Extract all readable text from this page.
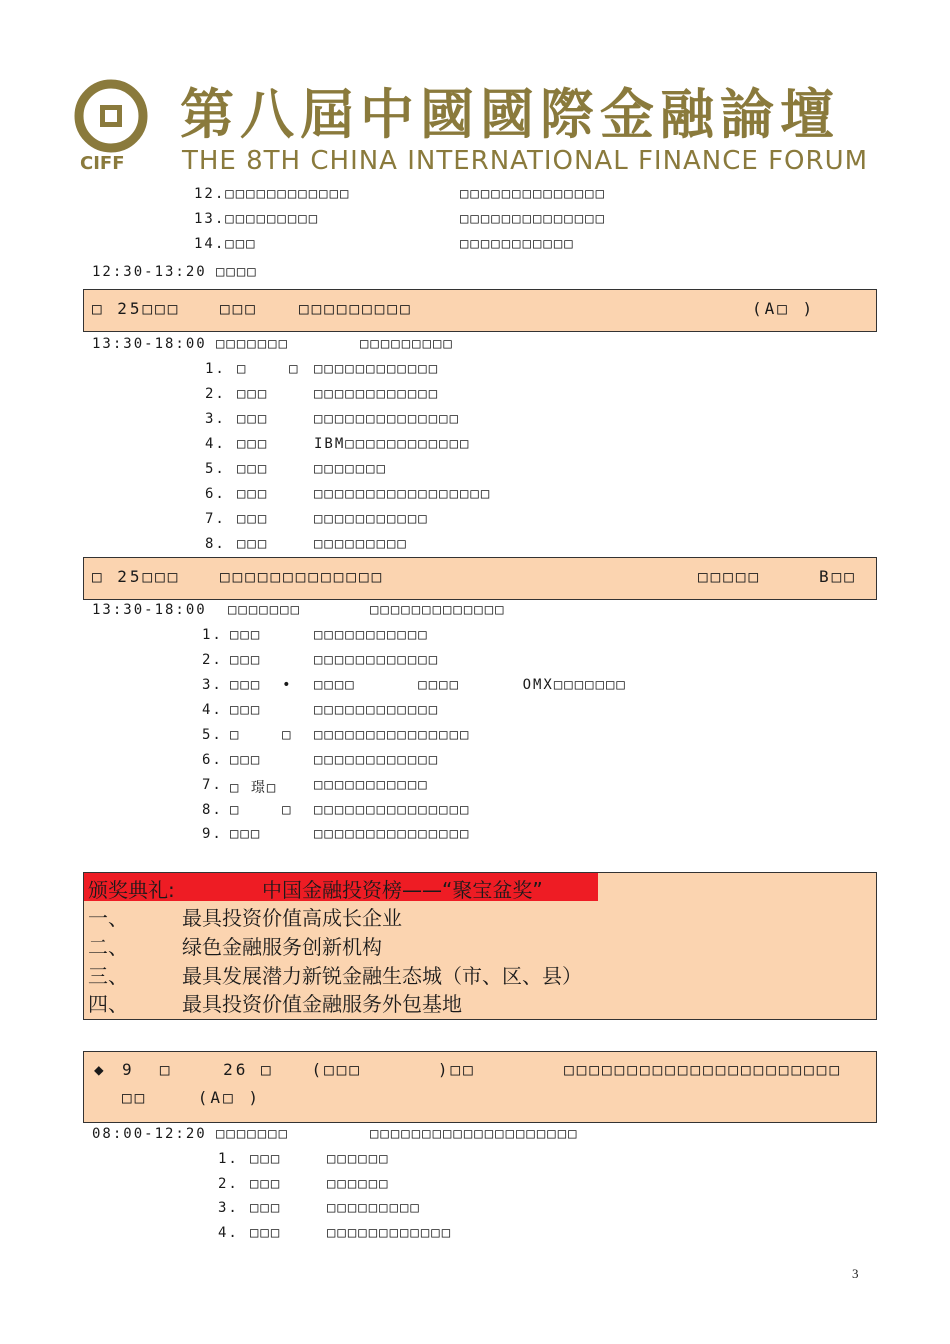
CIFF
第八屆中國國際金融論壇
THE 8TH CHINA INTERNATIONAL FINANCE FORUM
12.□□□□□□□□□□□□	□□□□□□□□□□□□□□
13.□□□□□□□□□	□□□□□□□□□□□□□□
14.□□□	□□□□□□□□□□□
12:30-13:20 □□□□
□ 25□□□ □□□	□□□□□□□□□	(A□ )
13:30-18:00 □□□□□□□	□□□□□□□□□
1. □    □ □□□□□□□□□□□□
2. □□□	□□□□□□□□□□□□
3. □□□	□□□□□□□□□□□□□□
4. □□□	IBM□□□□□□□□□□□□
5. □□□	□□□□□□□
6. □□□	□□□□□□□□□□□□□□□□□
7. □□□	□□□□□□□□□□□
8. □□□	□□□□□□□□□
□ 25□□□ □□□□□□□□□□□□□	□□□□□	B□□
13:30-18:00 □□□□□□□	□□□□□□□□□□□□□
1. □□□	□□□□□□□□□□□
2. □□□	□□□□□□□□□□□□
3. □□□  • □□□□      □□□□      OMX□□□□□□□
4. □□□	□□□□□□□□□□□□
5. □    □ □□□□□□□□□□□□□□□
6. □□□	□□□□□□□□□□□□
7. □ 璟□	□□□□□□□□□□□
8. □    □ □□□□□□□□□□□□□□□
9. □□□	□□□□□□□□□□□□□□□
颁奖典礼:	中国金融投资榜——“聚宝盆奖”
一、	最具投资价值高成长企业
二、	绿色金融服务创新机构
三、	最具发展潜力新锐金融生态城（市、区、县）
四、	最具投资价值金融服务外包基地
◆ 9  □    26 □   (□□□      )□□       □□□□□□□□□□□□□□□□□□□□□□
□□    (A□ )
08:00-12:20 □□□□□□□	□□□□□□□□□□□□□□□□□□□□
1. □□□	□□□□□□
2. □□□	□□□□□□
3. □□□	□□□□□□□□□
4. □□□	□□□□□□□□□□□□
3
